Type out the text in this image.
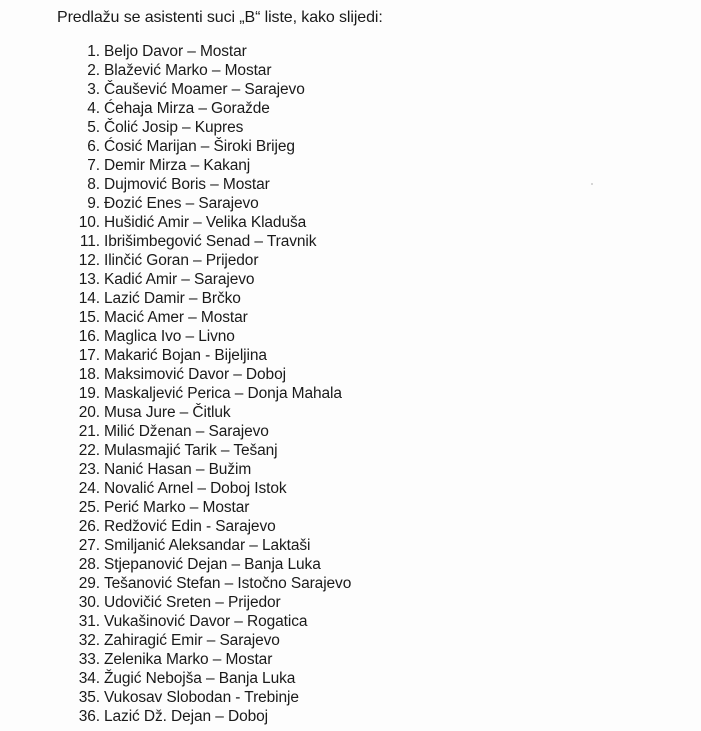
Predlažu se asistenti suci „B“ liste, kako slijedi:
1. Beljo Davor – Mostar
2. Blažević Marko – Mostar
3. Čaušević Moamer – Sarajevo
4. Ćehaja Mirza – Goražde
5. Čolić Josip – Kupres
6. Ćosić Marijan – Široki Brijeg
7. Demir Mirza – Kakanj
8. Dujmović Boris – Mostar
9. Đozić Enes – Sarajevo
10. Hušidić Amir – Velika Kladuša
11. Ibrišimbegović Senad – Travnik
12. Ilinčić Goran – Prijedor
13. Kadić Amir – Sarajevo
14. Lazić Damir – Brčko
15. Macić Amer – Mostar
16. Maglica Ivo – Livno
17. Makarić Bojan - Bijeljina
18. Maksimović Davor – Doboj
19. Maskaljević Perica – Donja Mahala
20. Musa Jure – Čitluk
21. Milić Dženan – Sarajevo
22. Mulasmajić Tarik – Tešanj
23. Nanić Hasan – Bužim
24. Novalić Arnel – Doboj Istok
25. Perić Marko – Mostar
26. Redžović Edin - Sarajevo
27. Smiljanić Aleksandar – Laktaši
28. Stjepanović Dejan – Banja Luka
29. Tešanović Stefan – Istočno Sarajevo
30. Udovičić Sreten – Prijedor
31. Vukašinović Davor – Rogatica
32. Zahiragić Emir – Sarajevo
33. Zelenika Marko – Mostar
34. Žugić Nebojša – Banja Luka
35. Vukosav Slobodan - Trebinje
36. Lazić Dž. Dejan – Doboj
